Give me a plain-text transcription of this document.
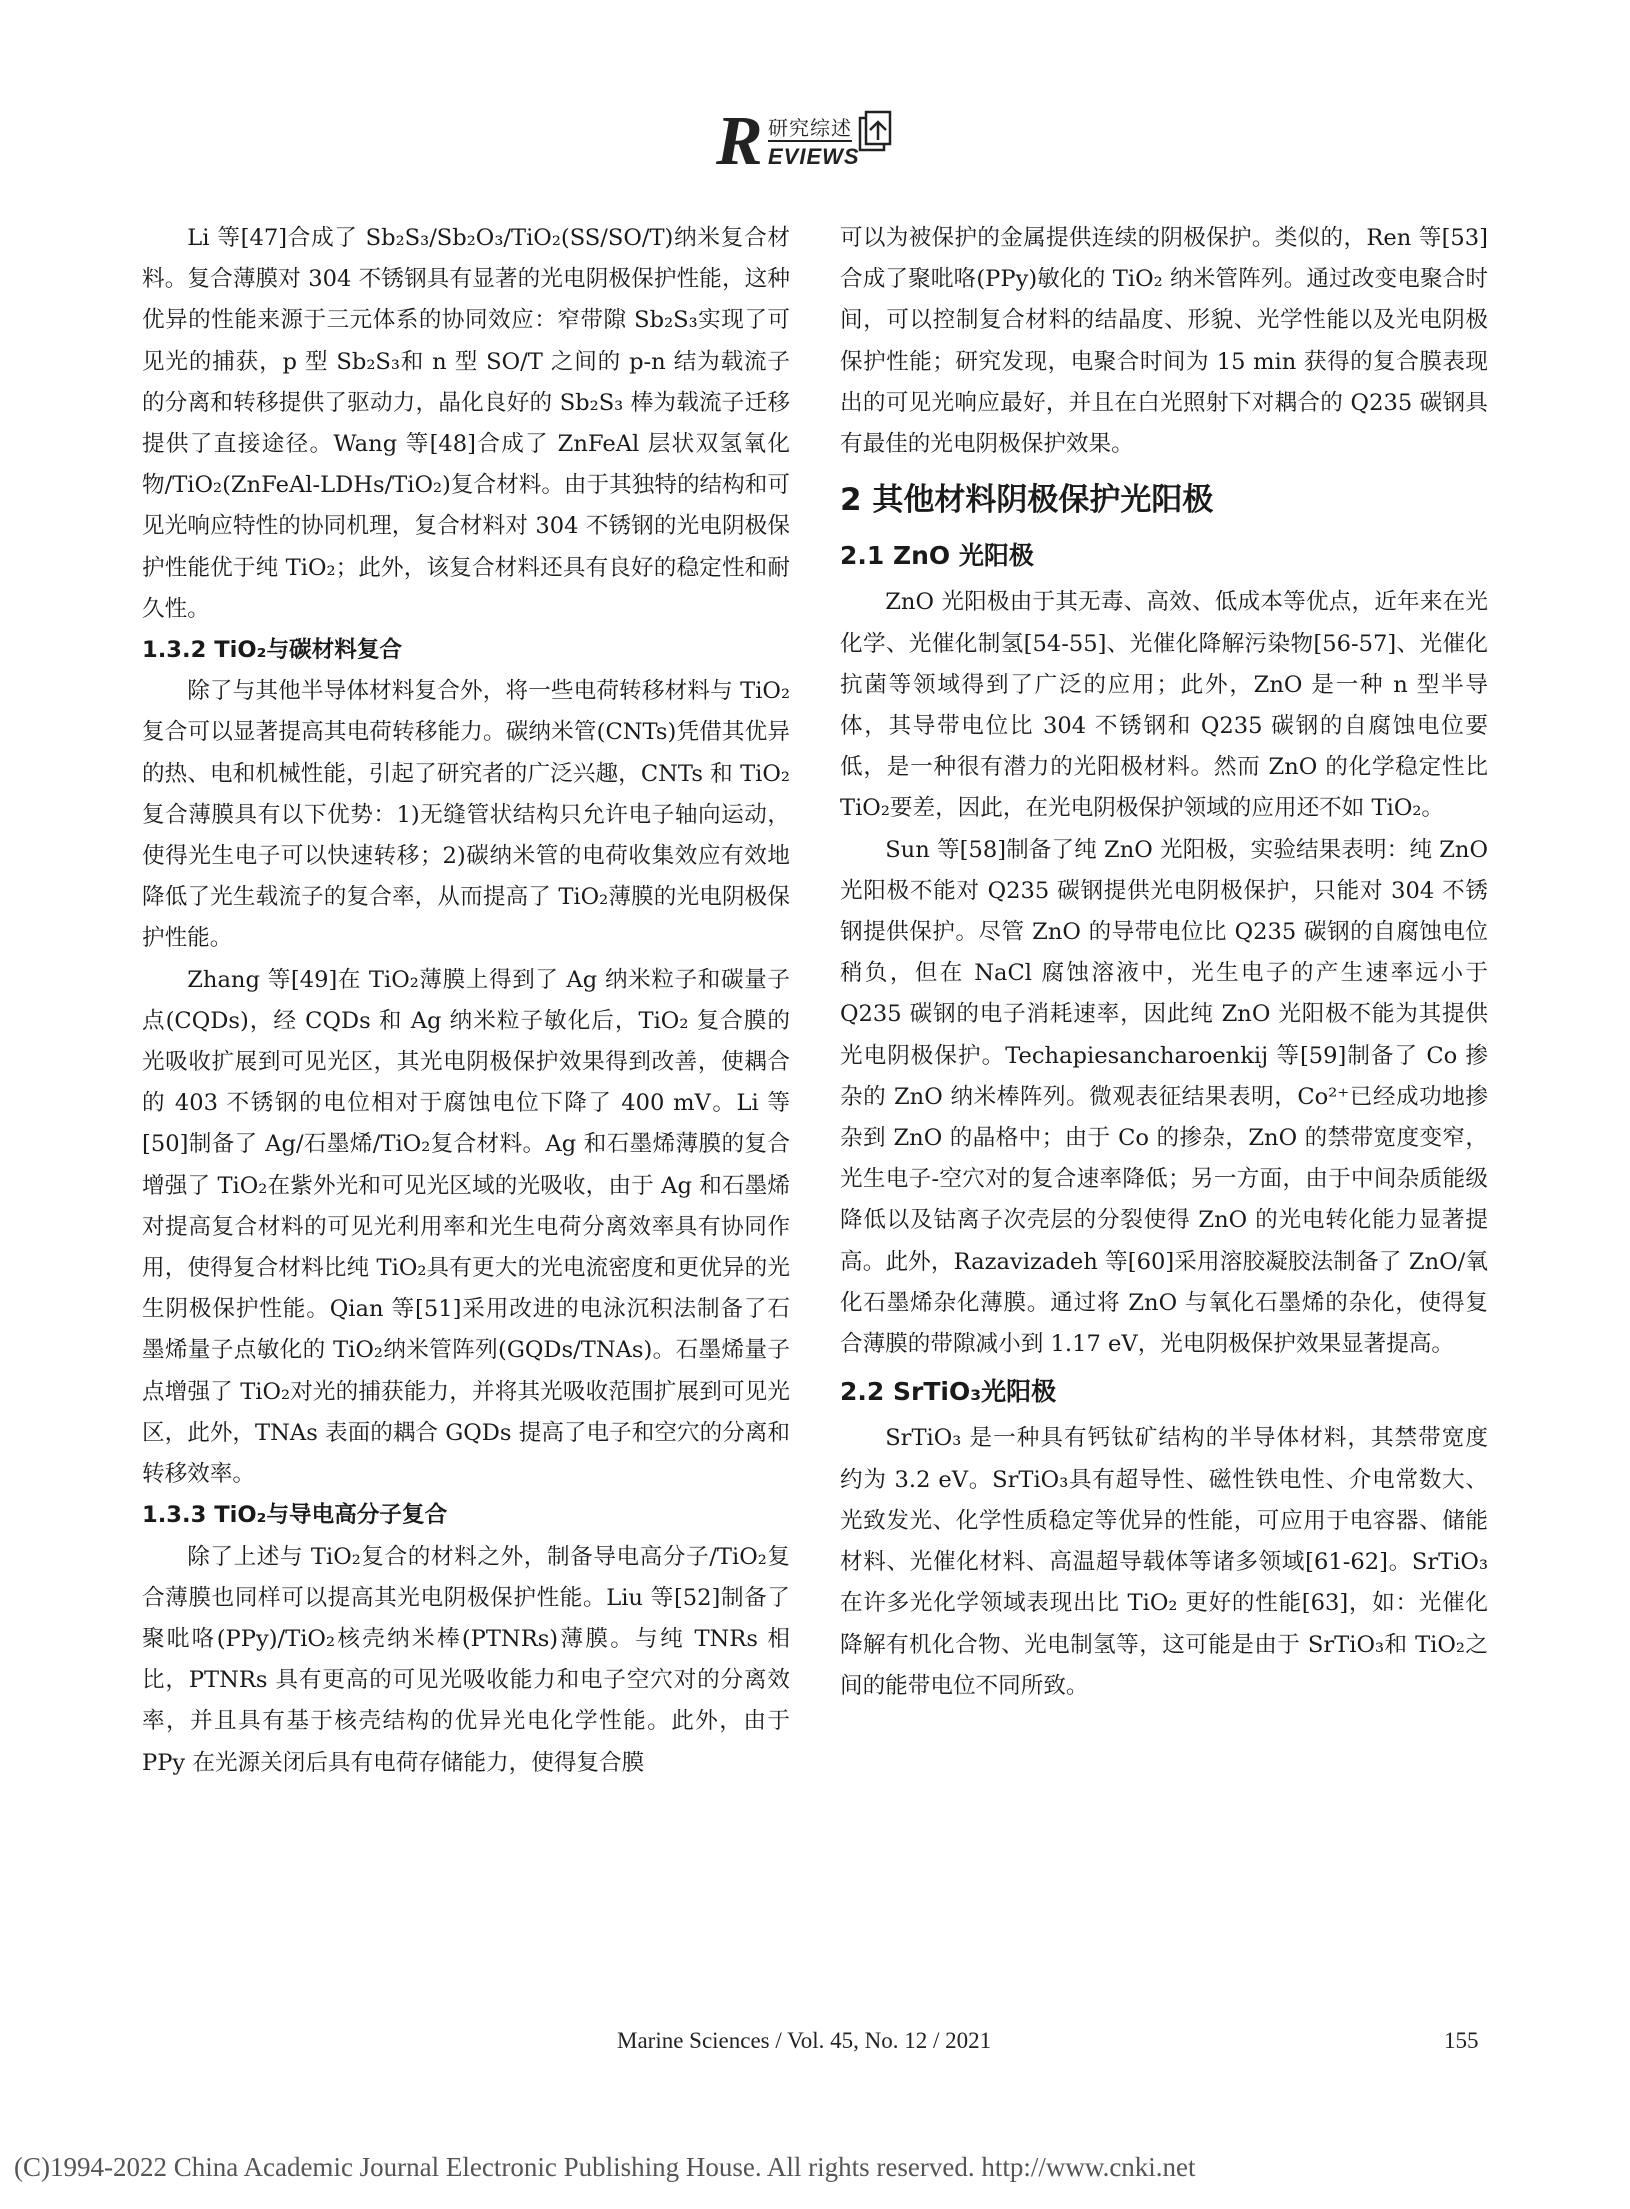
R 研究综述
EVIEWS

Li 等[47]合成了 Sb₂S₃/Sb₂O₃/TiO₂(SS/SO/T)纳米复合材料。复合薄膜对 304 不锈钢具有显著的光电阴极保护性能，这种优异的性能来源于三元体系的协同效应：窄带隙 Sb₂S₃实现了可见光的捕获，p 型 Sb₂S₃和 n 型 SO/T 之间的 p-n 结为载流子的分离和转移提供了驱动力，晶化良好的 Sb₂S₃ 棒为载流子迁移提供了直接途径。Wang 等[48]合成了 ZnFeAl 层状双氢氧化物/TiO₂(ZnFeAl-LDHs/TiO₂)复合材料。由于其独特的结构和可见光响应特性的协同机理，复合材料对 304 不锈钢的光电阴极保护性能优于纯 TiO₂；此外，该复合材料还具有良好的稳定性和耐久性。

1.3.2 TiO₂与碳材料复合

除了与其他半导体材料复合外，将一些电荷转移材料与 TiO₂复合可以显著提高其电荷转移能力。碳纳米管(CNTs)凭借其优异的热、电和机械性能，引起了研究者的广泛兴趣，CNTs 和 TiO₂复合薄膜具有以下优势：1)无缝管状结构只允许电子轴向运动，使得光生电子可以快速转移；2)碳纳米管的电荷收集效应有效地降低了光生载流子的复合率，从而提高了 TiO₂薄膜的光电阴极保护性能。

Zhang 等[49]在 TiO₂薄膜上得到了 Ag 纳米粒子和碳量子点(CQDs)，经 CQDs 和 Ag 纳米粒子敏化后，TiO₂ 复合膜的光吸收扩展到可见光区，其光电阴极保护效果得到改善，使耦合的 403 不锈钢的电位相对于腐蚀电位下降了 400 mV。Li 等[50]制备了 Ag/石墨烯/TiO₂复合材料。Ag 和石墨烯薄膜的复合增强了 TiO₂在紫外光和可见光区域的光吸收，由于 Ag 和石墨烯对提高复合材料的可见光利用率和光生电荷分离效率具有协同作用，使得复合材料比纯 TiO₂具有更大的光电流密度和更优异的光生阴极保护性能。Qian 等[51]采用改进的电泳沉积法制备了石墨烯量子点敏化的 TiO₂纳米管阵列(GQDs/TNAs)。石墨烯量子点增强了 TiO₂对光的捕获能力，并将其光吸收范围扩展到可见光区，此外，TNAs 表面的耦合 GQDs 提高了电子和空穴的分离和转移效率。

1.3.3 TiO₂与导电高分子复合

除了上述与 TiO₂复合的材料之外，制备导电高分子/TiO₂复合薄膜也同样可以提高其光电阴极保护性能。Liu 等[52]制备了聚吡咯(PPy)/TiO₂核壳纳米棒(PTNRs)薄膜。与纯 TNRs 相比，PTNRs 具有更高的可见光吸收能力和电子空穴对的分离效率，并且具有基于核壳结构的优异光电化学性能。此外，由于 PPy 在光源关闭后具有电荷存储能力，使得复合膜

可以为被保护的金属提供连续的阴极保护。类似的，Ren 等[53]合成了聚吡咯(PPy)敏化的 TiO₂ 纳米管阵列。通过改变电聚合时间，可以控制复合材料的结晶度、形貌、光学性能以及光电阴极保护性能；研究发现，电聚合时间为 15 min 获得的复合膜表现出的可见光响应最好，并且在白光照射下对耦合的 Q235 碳钢具有最佳的光电阴极保护效果。

2 其他材料阴极保护光阳极

2.1 ZnO 光阳极

ZnO 光阳极由于其无毒、高效、低成本等优点，近年来在光化学、光催化制氢[54-55]、光催化降解污染物[56-57]、光催化抗菌等领域得到了广泛的应用；此外，ZnO 是一种 n 型半导体，其导带电位比 304 不锈钢和 Q235 碳钢的自腐蚀电位要低，是一种很有潜力的光阳极材料。然而 ZnO 的化学稳定性比 TiO₂要差，因此，在光电阴极保护领域的应用还不如 TiO₂。

Sun 等[58]制备了纯 ZnO 光阳极，实验结果表明：纯 ZnO 光阳极不能对 Q235 碳钢提供光电阴极保护，只能对 304 不锈钢提供保护。尽管 ZnO 的导带电位比 Q235 碳钢的自腐蚀电位稍负，但在 NaCl 腐蚀溶液中，光生电子的产生速率远小于 Q235 碳钢的电子消耗速率，因此纯 ZnO 光阳极不能为其提供光电阴极保护。Techapiesancharoenkij 等[59]制备了 Co 掺杂的 ZnO 纳米棒阵列。微观表征结果表明，Co²⁺已经成功地掺杂到 ZnO 的晶格中；由于 Co 的掺杂，ZnO 的禁带宽度变窄，光生电子-空穴对的复合速率降低；另一方面，由于中间杂质能级降低以及钴离子次壳层的分裂使得 ZnO 的光电转化能力显著提高。此外，Razavizadeh 等[60]采用溶胶凝胶法制备了 ZnO/氧化石墨烯杂化薄膜。通过将 ZnO 与氧化石墨烯的杂化，使得复合薄膜的带隙减小到 1.17 eV，光电阴极保护效果显著提高。

2.2 SrTiO₃光阳极

SrTiO₃ 是一种具有钙钛矿结构的半导体材料，其禁带宽度约为 3.2 eV。SrTiO₃具有超导性、磁性铁电性、介电常数大、光致发光、化学性质稳定等优异的性能，可应用于电容器、储能材料、光催化材料、高温超导载体等诸多领域[61-62]。SrTiO₃ 在许多光化学领域表现出比 TiO₂ 更好的性能[63]，如：光催化降解有机化合物、光电制氢等，这可能是由于 SrTiO₃和 TiO₂之间的能带电位不同所致。

Marine Sciences / Vol. 45, No. 12 / 2021	155
(C)1994-2022 China Academic Journal Electronic Publishing House. All rights reserved. http://www.cnki.net
